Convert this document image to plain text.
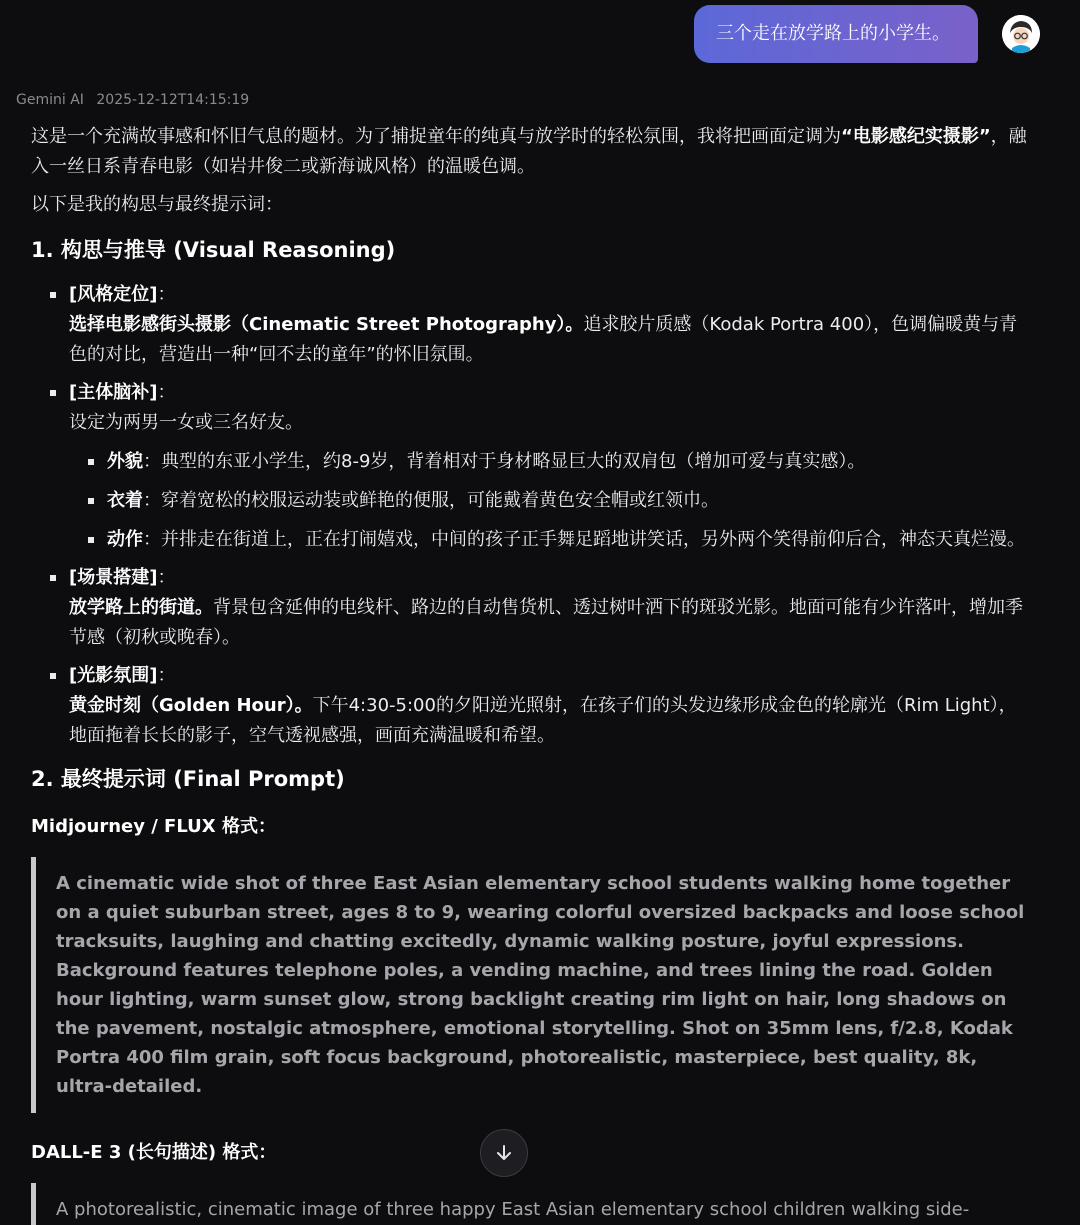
三个走在放学路上的小学生。
Gemini AI 2025-12-12T14:15:19

这是一个充满故事感和怀旧气息的题材。为了捕捉童年的纯真与放学时的轻松氛围，我将把画面定调为“电影感纪实摄影”，融入一丝日系青春电影（如岩井俊二或新海诚风格）的温暖色调。

以下是我的构思与最终提示词：

1. 构思与推导 (Visual Reasoning)
[风格定位]：
选择电影感街头摄影（Cinematic Street Photography）。追求胶片质感（Kodak Portra 400），色调偏暖黄与青色的对比，营造出一种“回不去的童年”的怀旧氛围。
[主体脑补]：
设定为两男一女或三名好友。
外貌：典型的东亚小学生，约8-9岁，背着相对于身材略显巨大的双肩包（增加可爱与真实感）。
衣着：穿着宽松的校服运动装或鲜艳的便服，可能戴着黄色安全帽或红领巾。
动作：并排走在街道上，正在打闹嬉戏，中间的孩子正手舞足蹈地讲笑话，另外两个笑得前仰后合，神态天真烂漫。
[场景搭建]：
放学路上的街道。背景包含延伸的电线杆、路边的自动售货机、透过树叶洒下的斑驳光影。地面可能有少许落叶，增加季节感（初秋或晚春）。
[光影氛围]：
黄金时刻（Golden Hour）。下午4:30-5:00的夕阳逆光照射，在孩子们的头发边缘形成金色的轮廓光（Rim Light），地面拖着长长的影子，空气透视感强，画面充满温暖和希望。
2. 最终提示词 (Final Prompt)
Midjourney / FLUX 格式：
A cinematic wide shot of three East Asian elementary school students walking home together on a quiet suburban street, ages 8 to 9, wearing colorful oversized backpacks and loose school tracksuits, laughing and chatting excitedly, dynamic walking posture, joyful expressions. Background features telephone poles, a vending machine, and trees lining the road. Golden hour lighting, warm sunset glow, strong backlight creating rim light on hair, long shadows on the pavement, nostalgic atmosphere, emotional storytelling. Shot on 35mm lens, f/2.8, Kodak Portra 400 film grain, soft focus background, photorealistic, masterpiece, best quality, 8k, ultra-detailed.
DALL-E 3 (长句描述) 格式：
A photorealistic, cinematic image of three happy East Asian elementary school children walking side-
